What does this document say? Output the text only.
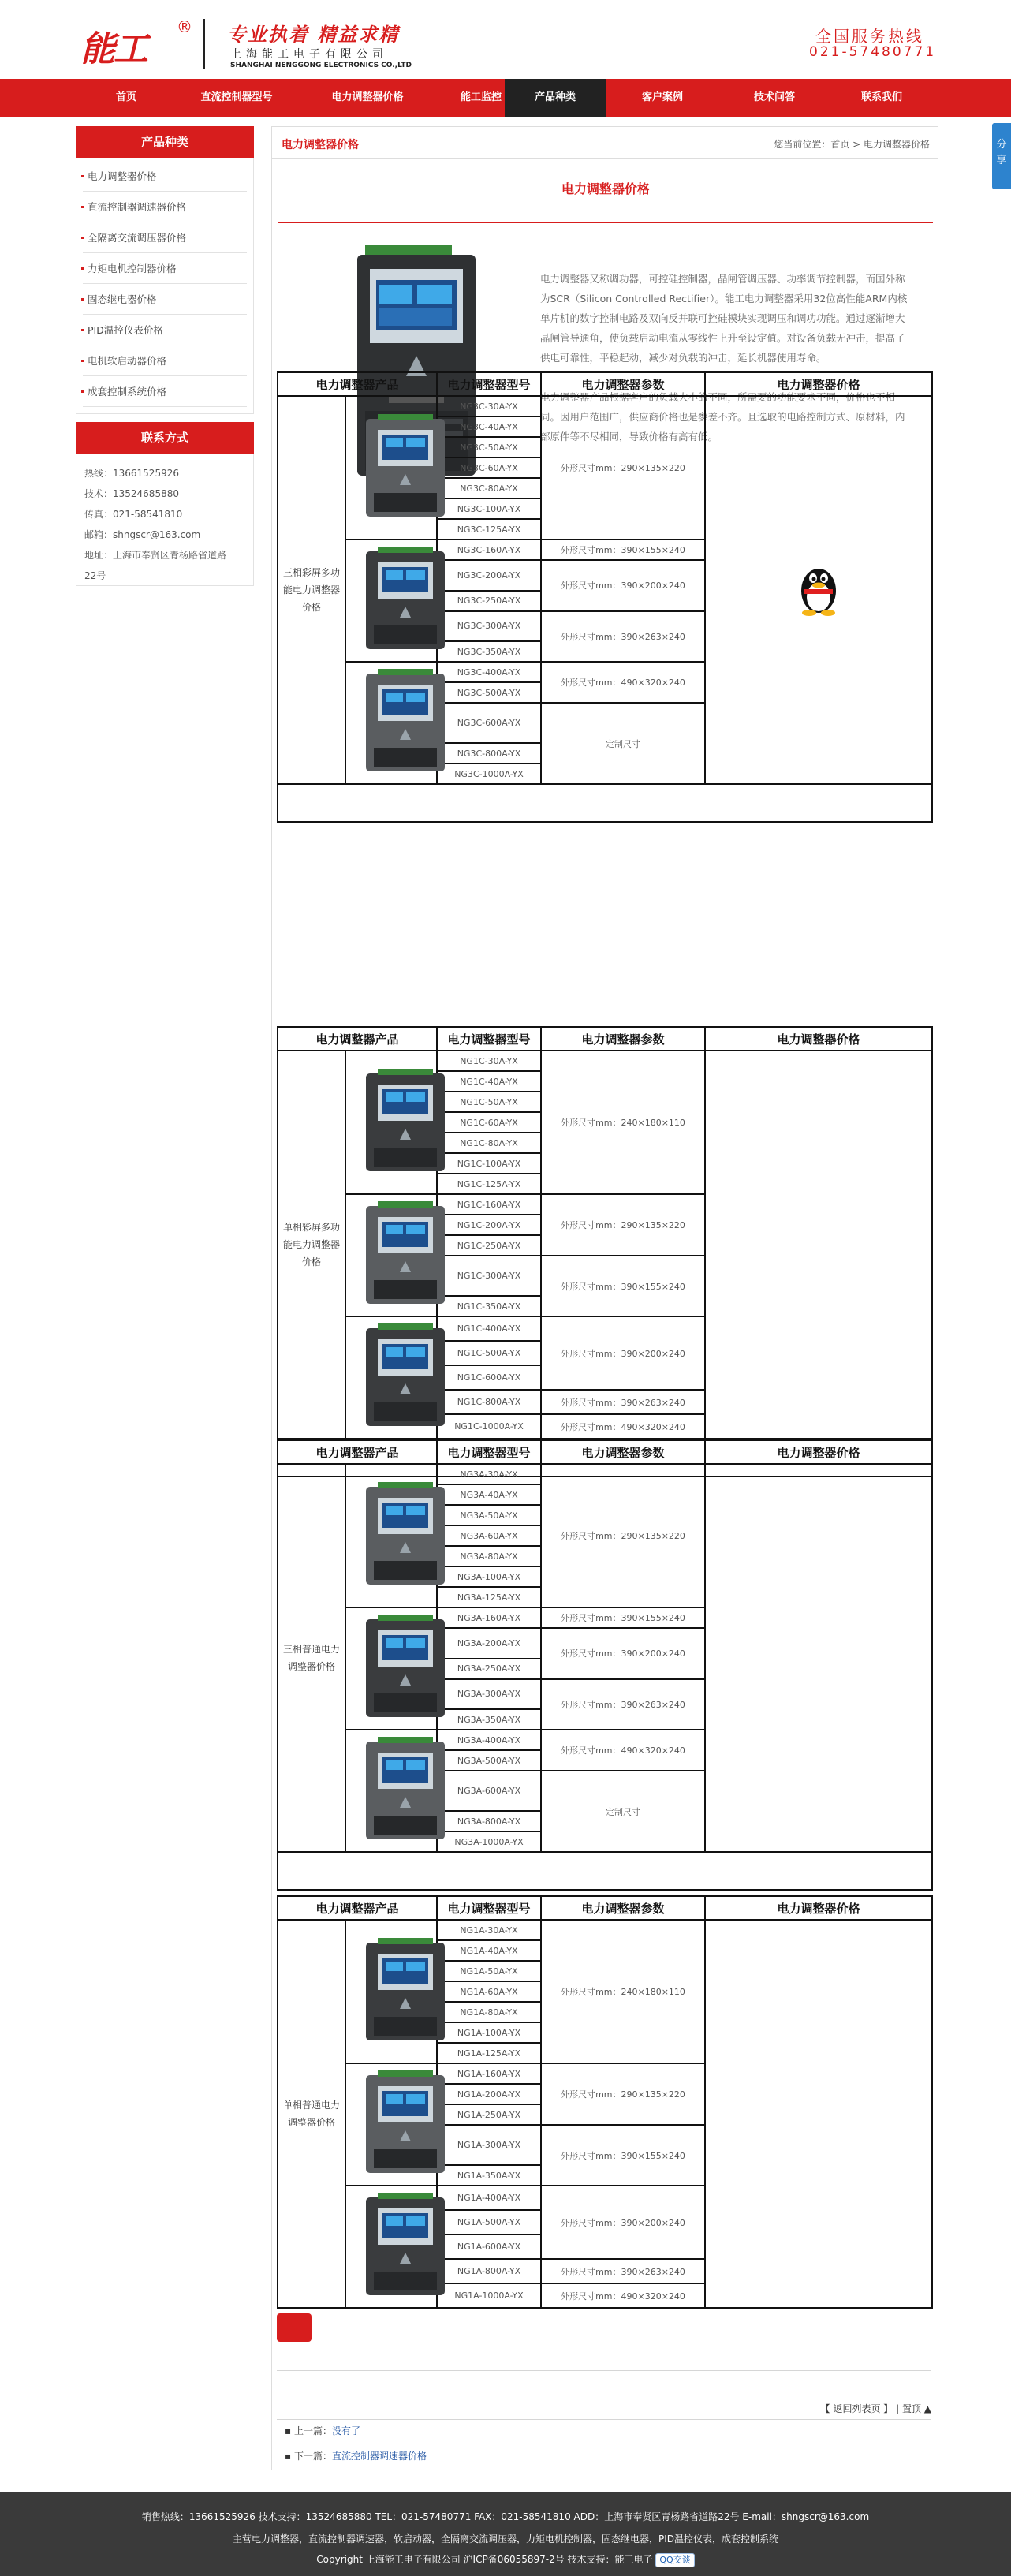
能工
® 专业执着 精益求精
上海能工电子有限公司
SHANGHAI NENGGONG ELECTRONICS CO.,LTD
全国服务热线
021-57480771
首页	直流控制器型号	电力调整器价格	能工监控	产品种类	客户案例	技术问答	联系我们
分享
产品种类
电力调整器价格
直流控制器调速器价格
全隔离交流调压器价格
力矩电机控制器价格
固态继电器价格
PID温控仪表价格
电机软启动器价格
成套控制系统价格
联系方式
热线：13661525926
技术：13524685880
传真：021-58541810
邮箱：shngscr@163.com
地址：上海市奉贤区青杨路省道路
22号
电力调整器价格	您当前位置：首页 > 电力调整器价格
电力调整器价格

电力调整器又称调功器，可控硅控制器，晶闸管调压器、功率调节控制器，而国外称为SCR（Silicon Controlled Rectifier）。能工电力调整器采用32位高性能ARM内核单片机的数字控制电路及双向反并联可控硅模块实现调压和调功功能。通过逐渐增大晶闸管导通角，使负载启动电流从零线性上升至设定值。对设备负载无冲击，提高了供电可靠性，平稳起动，减少对负载的冲击，延长机器使用寿命。

电力调整器产品根据客户的负载大小的不同，所需要的功能要求不同，价格也不相同。因用户范围广，供应商价格也是参差不齐。且选取的电路控制方式、原材料，内部原件等不尽相同，导致价格有高有低。

电力调整器产品		电力调整器型号	电力调整器参数	电力调整器价格
三相彩屏多功能电力调整器价格		NG3C-30A-YX	外形尺寸mm：290×135×220	
		NG3C-40A-YX		
		NG3C-50A-YX		
		NG3C-60A-YX		
		NG3C-80A-YX		
		NG3C-100A-YX		
		NG3C-125A-YX		
	NG3C-160A-YX	外形尺寸mm：390×155×240	
		NG3C-200A-YX	外形尺寸mm：390×200×240	
		NG3C-250A-YX		
		NG3C-300A-YX	外形尺寸mm：390×263×240	
		NG3C-350A-YX		
	NG3C-400A-YX	外形尺寸mm：490×320×240	
		NG3C-500A-YX		
		NG3C-600A-YX	定制尺寸	
		NG3C-800A-YX		
		NG3C-1000A-YX		

电力调整器产品		电力调整器型号	电力调整器参数	电力调整器价格
单相彩屏多功能电力调整器价格		NG1C-30A-YX	外形尺寸mm：240×180×110	
		NG1C-40A-YX		
		NG1C-50A-YX		
		NG1C-60A-YX		
		NG1C-80A-YX		
		NG1C-100A-YX		
		NG1C-125A-YX		
	NG1C-160A-YX	外形尺寸mm：290×135×220	
		NG1C-200A-YX		
		NG1C-250A-YX		
		NG1C-300A-YX	外形尺寸mm：390×155×240	
		NG1C-350A-YX		
	NG1C-400A-YX	外形尺寸mm：390×200×240	
		NG1C-500A-YX		
		NG1C-600A-YX		
		NG1C-800A-YX	外形尺寸mm：390×263×240	
		NG1C-1000A-YX	外形尺寸mm：490×320×240	

电力调整器产品		电力调整器型号	电力调整器参数	电力调整器价格
三相普通电力调整器价格		NG3A-30A-YX	外形尺寸mm：290×135×220	
		NG3A-40A-YX		
		NG3A-50A-YX		
		NG3A-60A-YX		
		NG3A-80A-YX		
		NG3A-100A-YX		
		NG3A-125A-YX		
	NG3A-160A-YX	外形尺寸mm：390×155×240	
		NG3A-200A-YX	外形尺寸mm：390×200×240	
		NG3A-250A-YX		
		NG3A-300A-YX	外形尺寸mm：390×263×240	
		NG3A-350A-YX		
	NG3A-400A-YX	外形尺寸mm：490×320×240	
		NG3A-500A-YX		
		NG3A-600A-YX	定制尺寸	
		NG3A-800A-YX		
		NG3A-1000A-YX		

电力调整器产品		电力调整器型号	电力调整器参数	电力调整器价格
单相普通电力调整器价格		NG1A-30A-YX	外形尺寸mm：240×180×110	
		NG1A-40A-YX		
		NG1A-50A-YX		
		NG1A-60A-YX		
		NG1A-80A-YX		
		NG1A-100A-YX		
		NG1A-125A-YX		
	NG1A-160A-YX	外形尺寸mm：290×135×220	
		NG1A-200A-YX		
		NG1A-250A-YX		
		NG1A-300A-YX	外形尺寸mm：390×155×240	
		NG1A-350A-YX		
	NG1A-400A-YX	外形尺寸mm：390×200×240	
		NG1A-500A-YX		
		NG1A-600A-YX		
		NG1A-800A-YX	外形尺寸mm：390×263×240	
		NG1A-1000A-YX	外形尺寸mm：490×320×240	
【 返回列表页 】 | 置顶 ▲
▪ 上一篇：没有了
▪ 下一篇：直流控制器调速器价格
销售热线：13661525926 技术支持：13524685880 TEL：021-57480771 FAX：021-58541810 ADD：上海市奉贤区青杨路省道路22号 E-mail：shngscr@163.com
主营电力调整器，直流控制器调速器，软启动器，全隔离交流调压器，力矩电机控制器，固态继电器，PID温控仪表，成套控制系统
Copyright 上海能工电子有限公司 沪ICP备06055897-2号 技术支持：能工电子 QQ交谈
